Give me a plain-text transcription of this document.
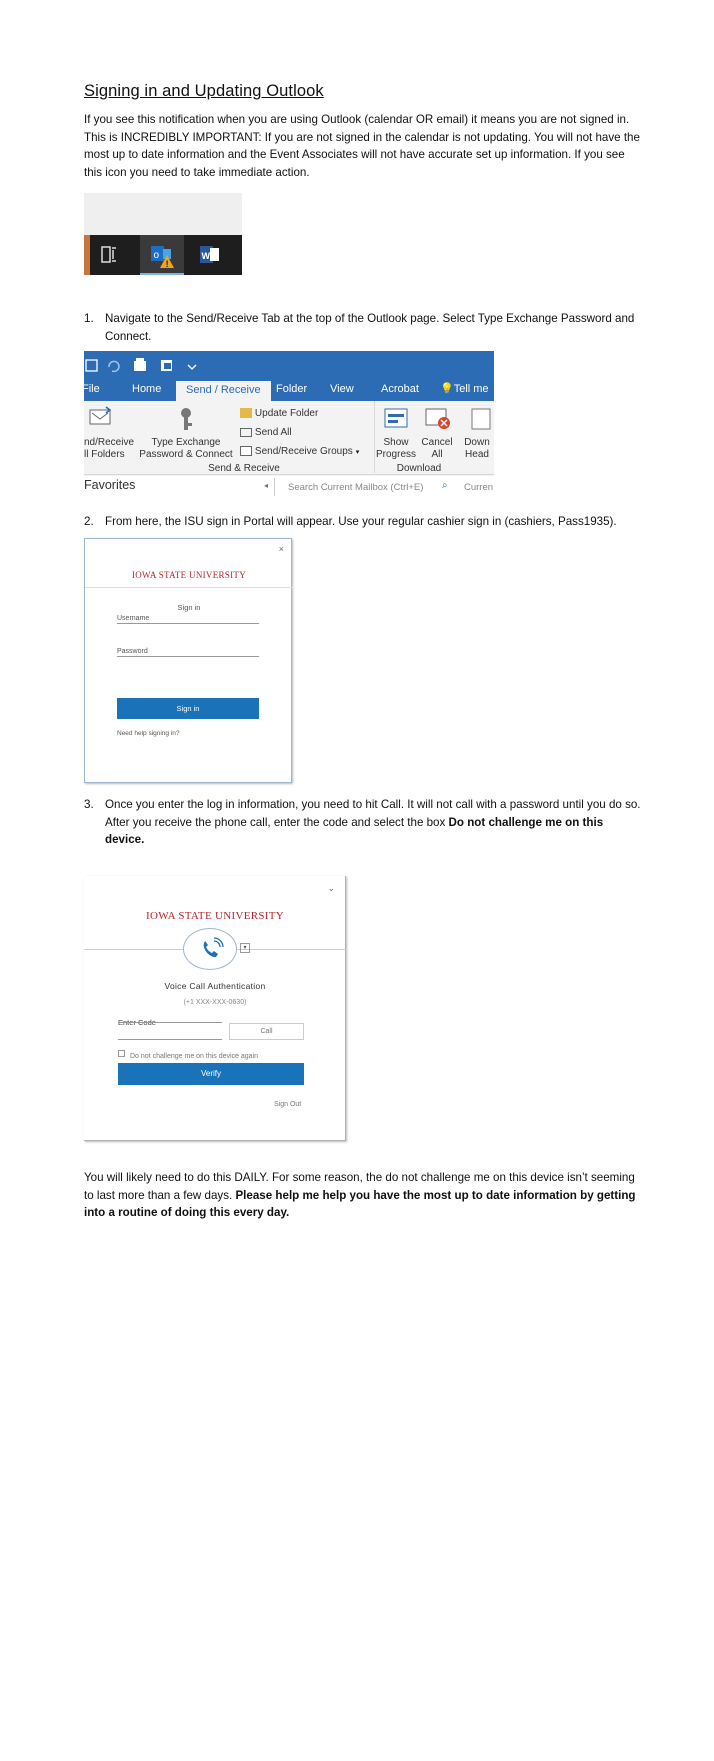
Signing in and Updating Outlook
If you see this notification when you are using Outlook (calendar OR email) it means you are not signed in. This is INCREDIBLY IMPORTANT: If you are not signed in the calendar is not updating. You will not have the most up to date information and the Event Associates will not have accurate set up information. If you see this icon you need to take immediate action.
o
!
W
1. Navigate to the Send/Receive Tab at the top of the Outlook page. Select Type Exchange Password and Connect.
File	Home	Send / Receive	Folder View Acrobat 💡Tell me
nd/Receive
ll Folders
Type Exchange
Password & Connect
Update Folder
Send All
Send/Receive Groups ▾
Send & Receive
Show
Progress
Cancel
All
Down
Head
Download
Favorites	◂ Search Current Mailbox (Ctrl+E) ⌕ Curren
2. From here, the ISU sign in Portal will appear. Use your regular cashier sign in (cashiers, Pass1935).
×
IOWA STATE UNIVERSITY
Sign in
Username
Password
Sign in
Need help signing in?
3. Once you enter the log in information, you need to hit Call. It will not call with a password until you do so. After you receive the phone call, enter the code and select the box Do not challenge me on this device.
⌄
IOWA STATE UNIVERSITY
▾
Voice Call Authentication
(+1 XXX-XXX-0630)
Enter Code
Call
Do not challenge me on this device again
Verify
Sign Out
You will likely need to do this DAILY. For some reason, the do not challenge me on this device isn’t seeming to last more than a few days. Please help me help you have the most up to date information by getting into a routine of doing this every day.
